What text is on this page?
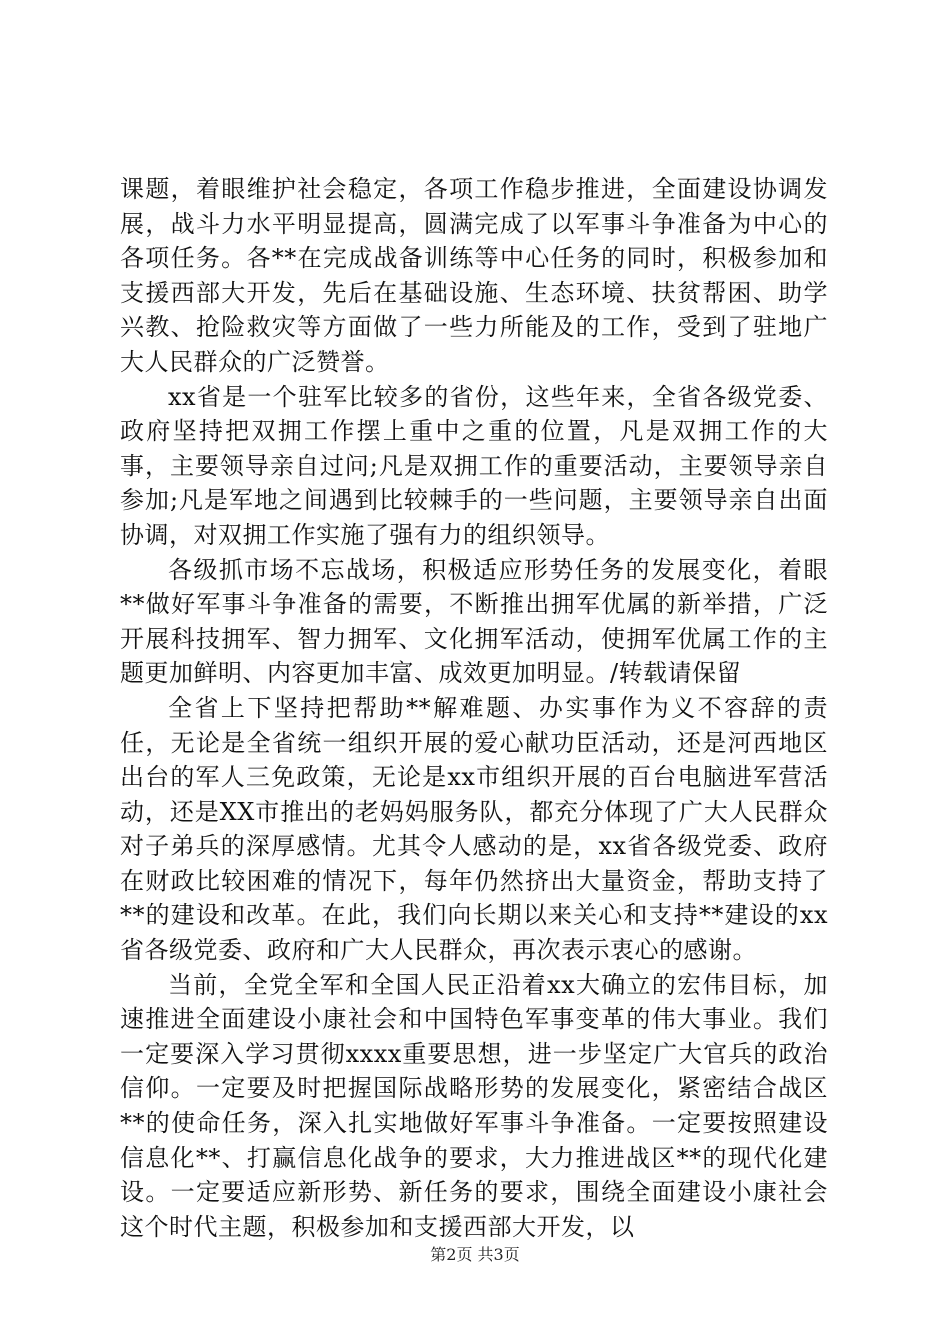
课题，着眼维护社会稳定，各项工作稳步推进，全面建设协调发展，战斗力水平明显提高，圆满完成了以军事斗争准备为中心的各项任务。各**在完成战备训练等中心任务的同时，积极参加和支援西部大开发，先后在基础设施、生态环境、扶贫帮困、助学兴教、抢险救灾等方面做了一些力所能及的工作，受到了驻地广大人民群众的广泛赞誉。

xx省是一个驻军比较多的省份，这些年来，全省各级党委、政府坚持把双拥工作摆上重中之重的位置，凡是双拥工作的大事，主要领导亲自过问;凡是双拥工作的重要活动，主要领导亲自参加;凡是军地之间遇到比较棘手的一些问题，主要领导亲自出面协调，对双拥工作实施了强有力的组织领导。

各级抓市场不忘战场，积极适应形势任务的发展变化，着眼**做好军事斗争准备的需要，不断推出拥军优属的新举措，广泛开展科技拥军、智力拥军、文化拥军活动，使拥军优属工作的主题更加鲜明、内容更加丰富、成效更加明显。/转载请保留

全省上下坚持把帮助**解难题、办实事作为义不容辞的责任，无论是全省统一组织开展的爱心献功臣活动，还是河西地区出台的军人三免政策，无论是xx市组织开展的百台电脑进军营活动，还是XX市推出的老妈妈服务队，都充分体现了广大人民群众对子弟兵的深厚感情。尤其令人感动的是，xx省各级党委、政府在财政比较困难的情况下，每年仍然挤出大量资金，帮助支持了**的建设和改革。在此，我们向长期以来关心和支持**建设的xx省各级党委、政府和广大人民群众，再次表示衷心的感谢。

当前，全党全军和全国人民正沿着xx大确立的宏伟目标，加速推进全面建设小康社会和中国特色军事变革的伟大事业。我们一定要深入学习贯彻xxxx重要思想，进一步坚定广大官兵的政治信仰。一定要及时把握国际战略形势的发展变化，紧密结合战区**的使命任务，深入扎实地做好军事斗争准备。一定要按照建设信息化**、打赢信息化战争的要求，大力推进战区**的现代化建设。一定要适应新形势、新任务的要求，围绕全面建设小康社会这个时代主题，积极参加和支援西部大开发，以

第2页 共3页
